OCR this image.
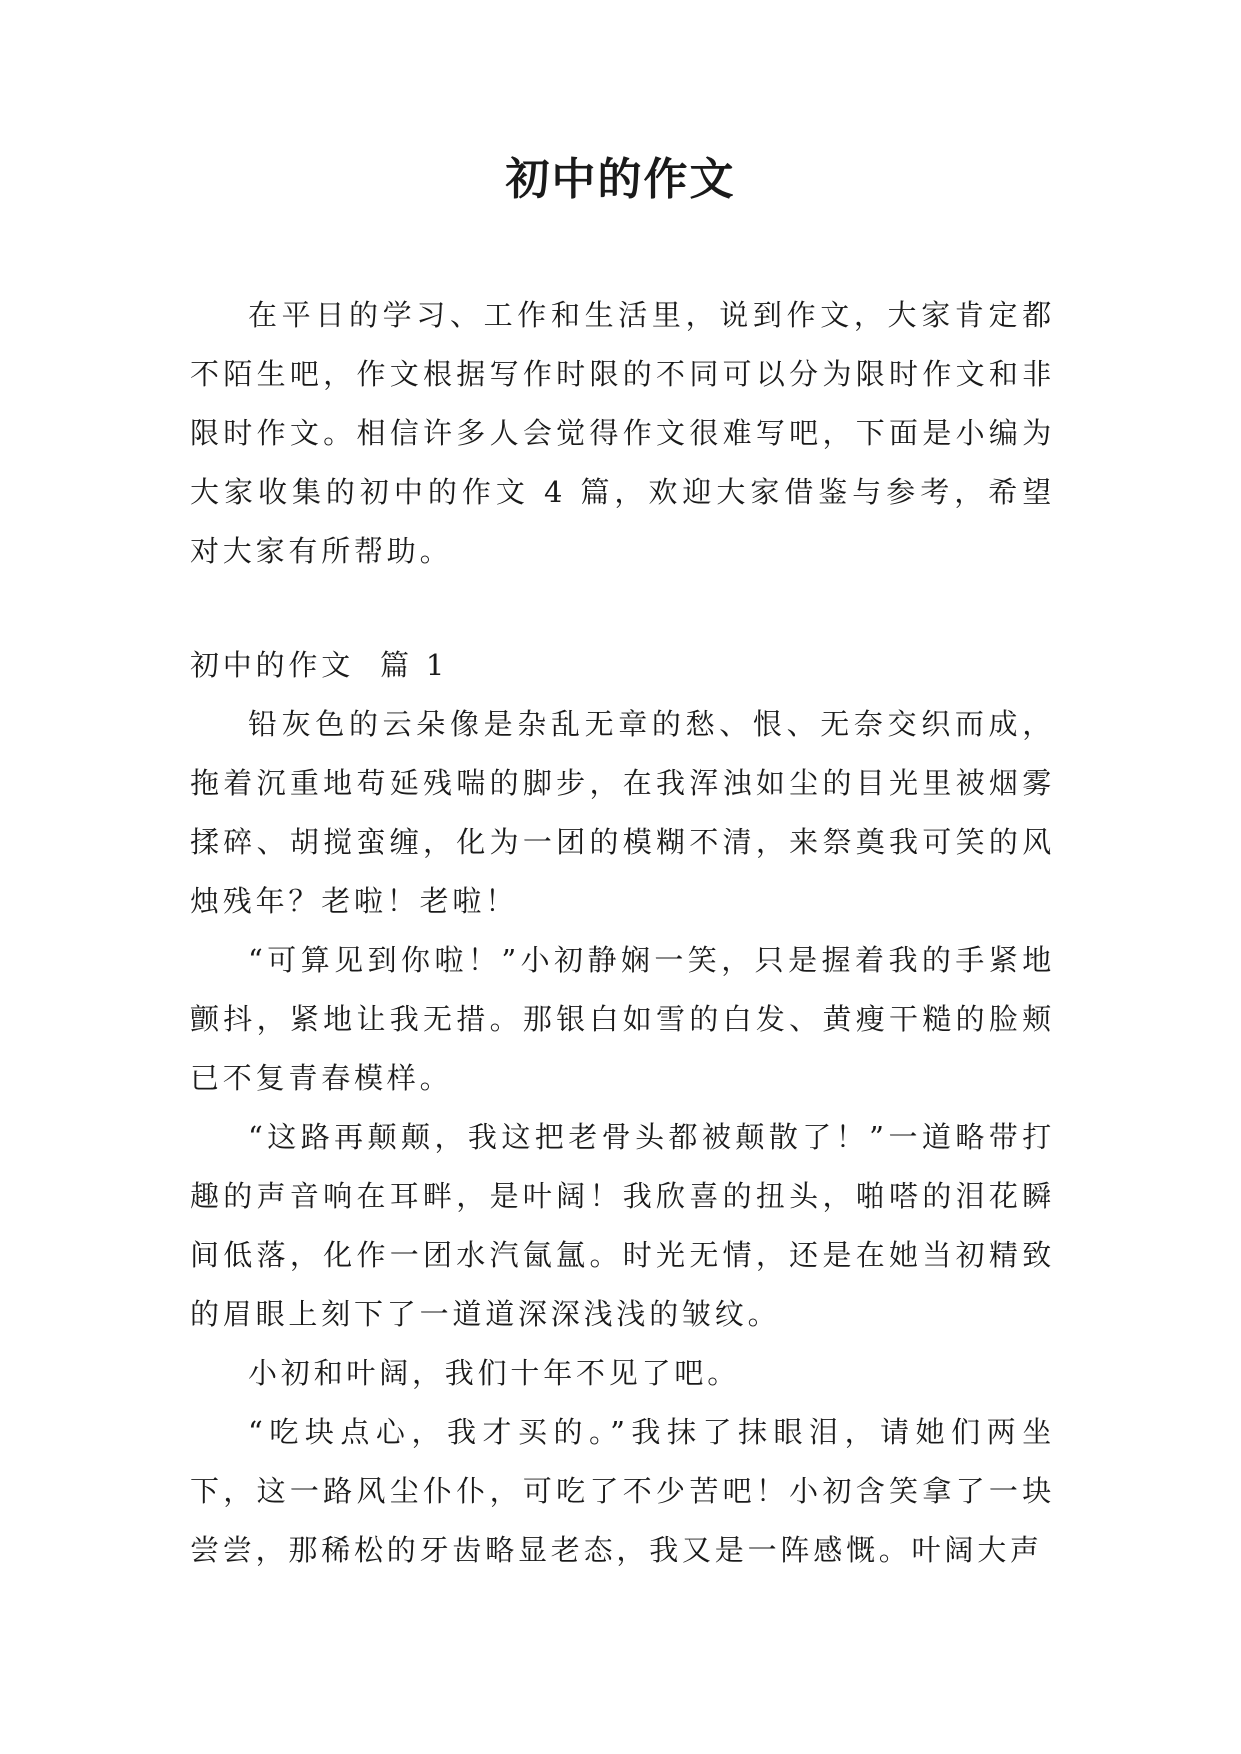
初中的作文

在平日的学习、工作和生活里，说到作文，大家肯定都不陌生吧，作文根据写作时限的不同可以分为限时作文和非限时作文。相信许多人会觉得作文很难写吧，下面是小编为大家收集的初中的作文 4 篇，欢迎大家借鉴与参考，希望对大家有所帮助。

初中的作文  篇 1

铅灰色的云朵像是杂乱无章的愁、恨、无奈交织而成，拖着沉重地苟延残喘的脚步，在我浑浊如尘的目光里被烟雾揉碎、胡搅蛮缠，化为一团的模糊不清，来祭奠我可笑的风烛残年？老啦！老啦！

“可算见到你啦！”小初静娴一笑，只是握着我的手紧地颤抖，紧地让我无措。那银白如雪的白发、黄瘦干糙的脸颊已不复青春模样。

“这路再颠颠，我这把老骨头都被颠散了！”一道略带打趣的声音响在耳畔，是叶阔！我欣喜的扭头，啪嗒的泪花瞬间低落，化作一团水汽氤氲。时光无情，还是在她当初精致的眉眼上刻下了一道道深深浅浅的皱纹。

小初和叶阔，我们十年不见了吧。

“吃块点心，我才买的。”我抹了抹眼泪，请她们两坐下，这一路风尘仆仆，可吃了不少苦吧！小初含笑拿了一块尝尝，那稀松的牙齿略显老态，我又是一阵感慨。叶阔大声
